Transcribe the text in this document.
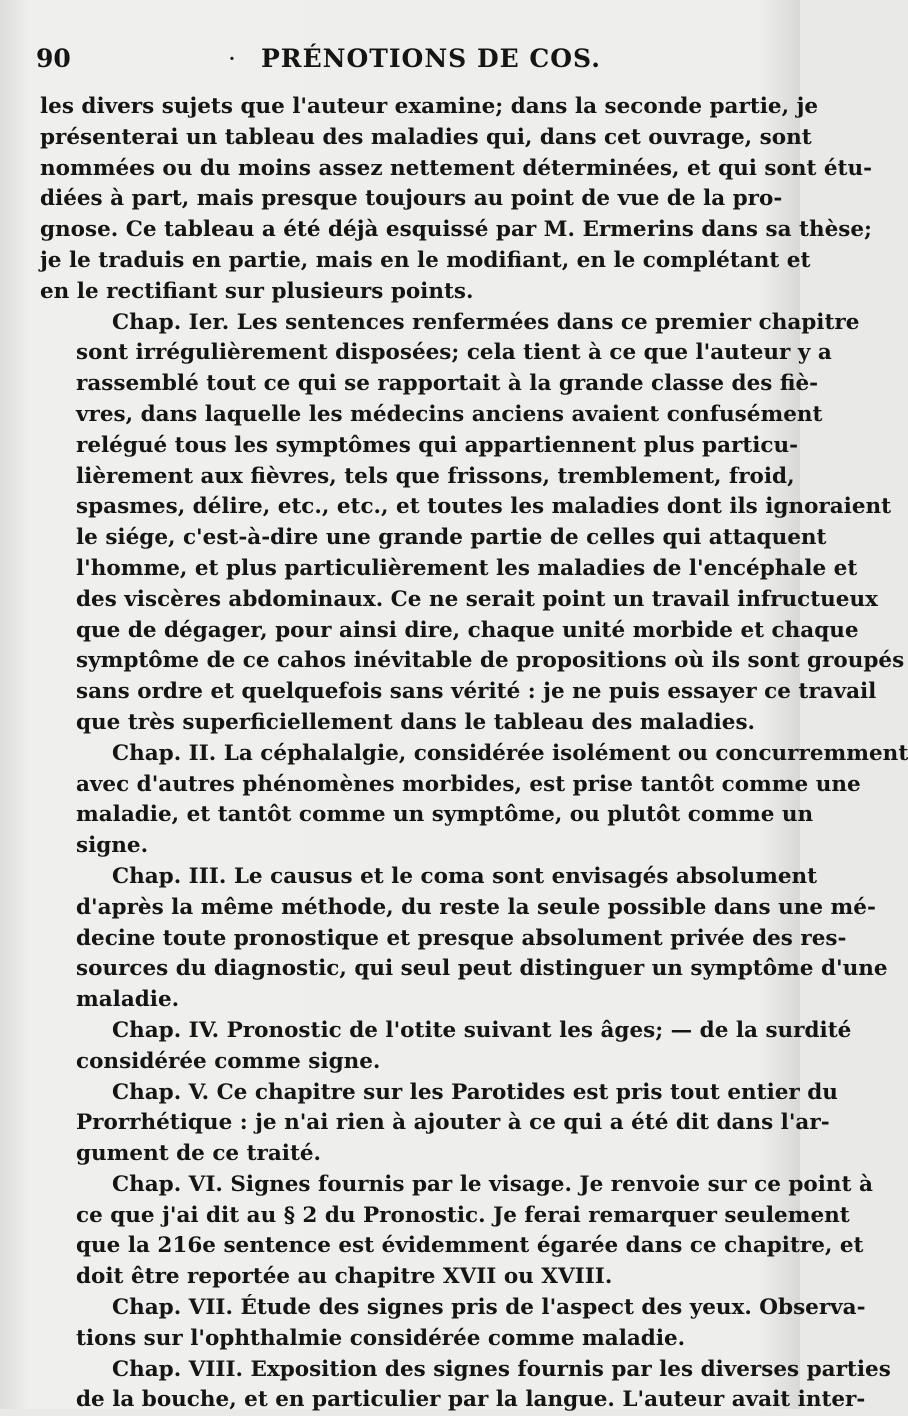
90	· PRÉNOTIONS DE COS.
les divers sujets que l'auteur examine; dans la seconde partie, je
présenterai un tableau des maladies qui, dans cet ouvrage, sont
nommées ou du moins assez nettement déterminées, et qui sont étu-
diées à part, mais presque toujours au point de vue de la pro-
gnose. Ce tableau a été déjà esquissé par M. Ermerins dans sa thèse;
je le traduis en partie, mais en le modifiant, en le complétant et
en le rectifiant sur plusieurs points.
Chap. Ier. Les sentences renfermées dans ce premier chapitre
sont irrégulièrement disposées; cela tient à ce que l'auteur y a
rassemblé tout ce qui se rapportait à la grande classe des fiè-
vres, dans laquelle les médecins anciens avaient confusément
relégué tous les symptômes qui appartiennent plus particu-
lièrement aux fièvres, tels que frissons, tremblement, froid,
spasmes, délire, etc., etc., et toutes les maladies dont ils ignoraient
le siége, c'est-à-dire une grande partie de celles qui attaquent
l'homme, et plus particulièrement les maladies de l'encéphale et
des viscères abdominaux. Ce ne serait point un travail infructueux
que de dégager, pour ainsi dire, chaque unité morbide et chaque
symptôme de ce cahos inévitable de propositions où ils sont groupés
sans ordre et quelquefois sans vérité : je ne puis essayer ce travail
que très superficiellement dans le tableau des maladies.
Chap. II. La céphalalgie, considérée isolément ou concurremment
avec d'autres phénomènes morbides, est prise tantôt comme une
maladie, et tantôt comme un symptôme, ou plutôt comme un
signe.
Chap. III. Le causus et le coma sont envisagés absolument
d'après la même méthode, du reste la seule possible dans une mé-
decine toute pronostique et presque absolument privée des res-
sources du diagnostic, qui seul peut distinguer un symptôme d'une
maladie.
Chap. IV. Pronostic de l'otite suivant les âges; — de la surdité
considérée comme signe.
Chap. V. Ce chapitre sur les Parotides est pris tout entier du
Prorrhétique : je n'ai rien à ajouter à ce qui a été dit dans l'ar-
gument de ce traité.
Chap. VI. Signes fournis par le visage. Je renvoie sur ce point à
ce que j'ai dit au § 2 du Pronostic. Je ferai remarquer seulement
que la 216e sentence est évidemment égarée dans ce chapitre, et
doit être reportée au chapitre XVII ou XVIII.
Chap. VII. Étude des signes pris de l'aspect des yeux. Observa-
tions sur l'ophthalmie considérée comme maladie.
Chap. VIII. Exposition des signes fournis par les diverses parties
de la bouche, et en particulier par la langue. L'auteur avait inter-
